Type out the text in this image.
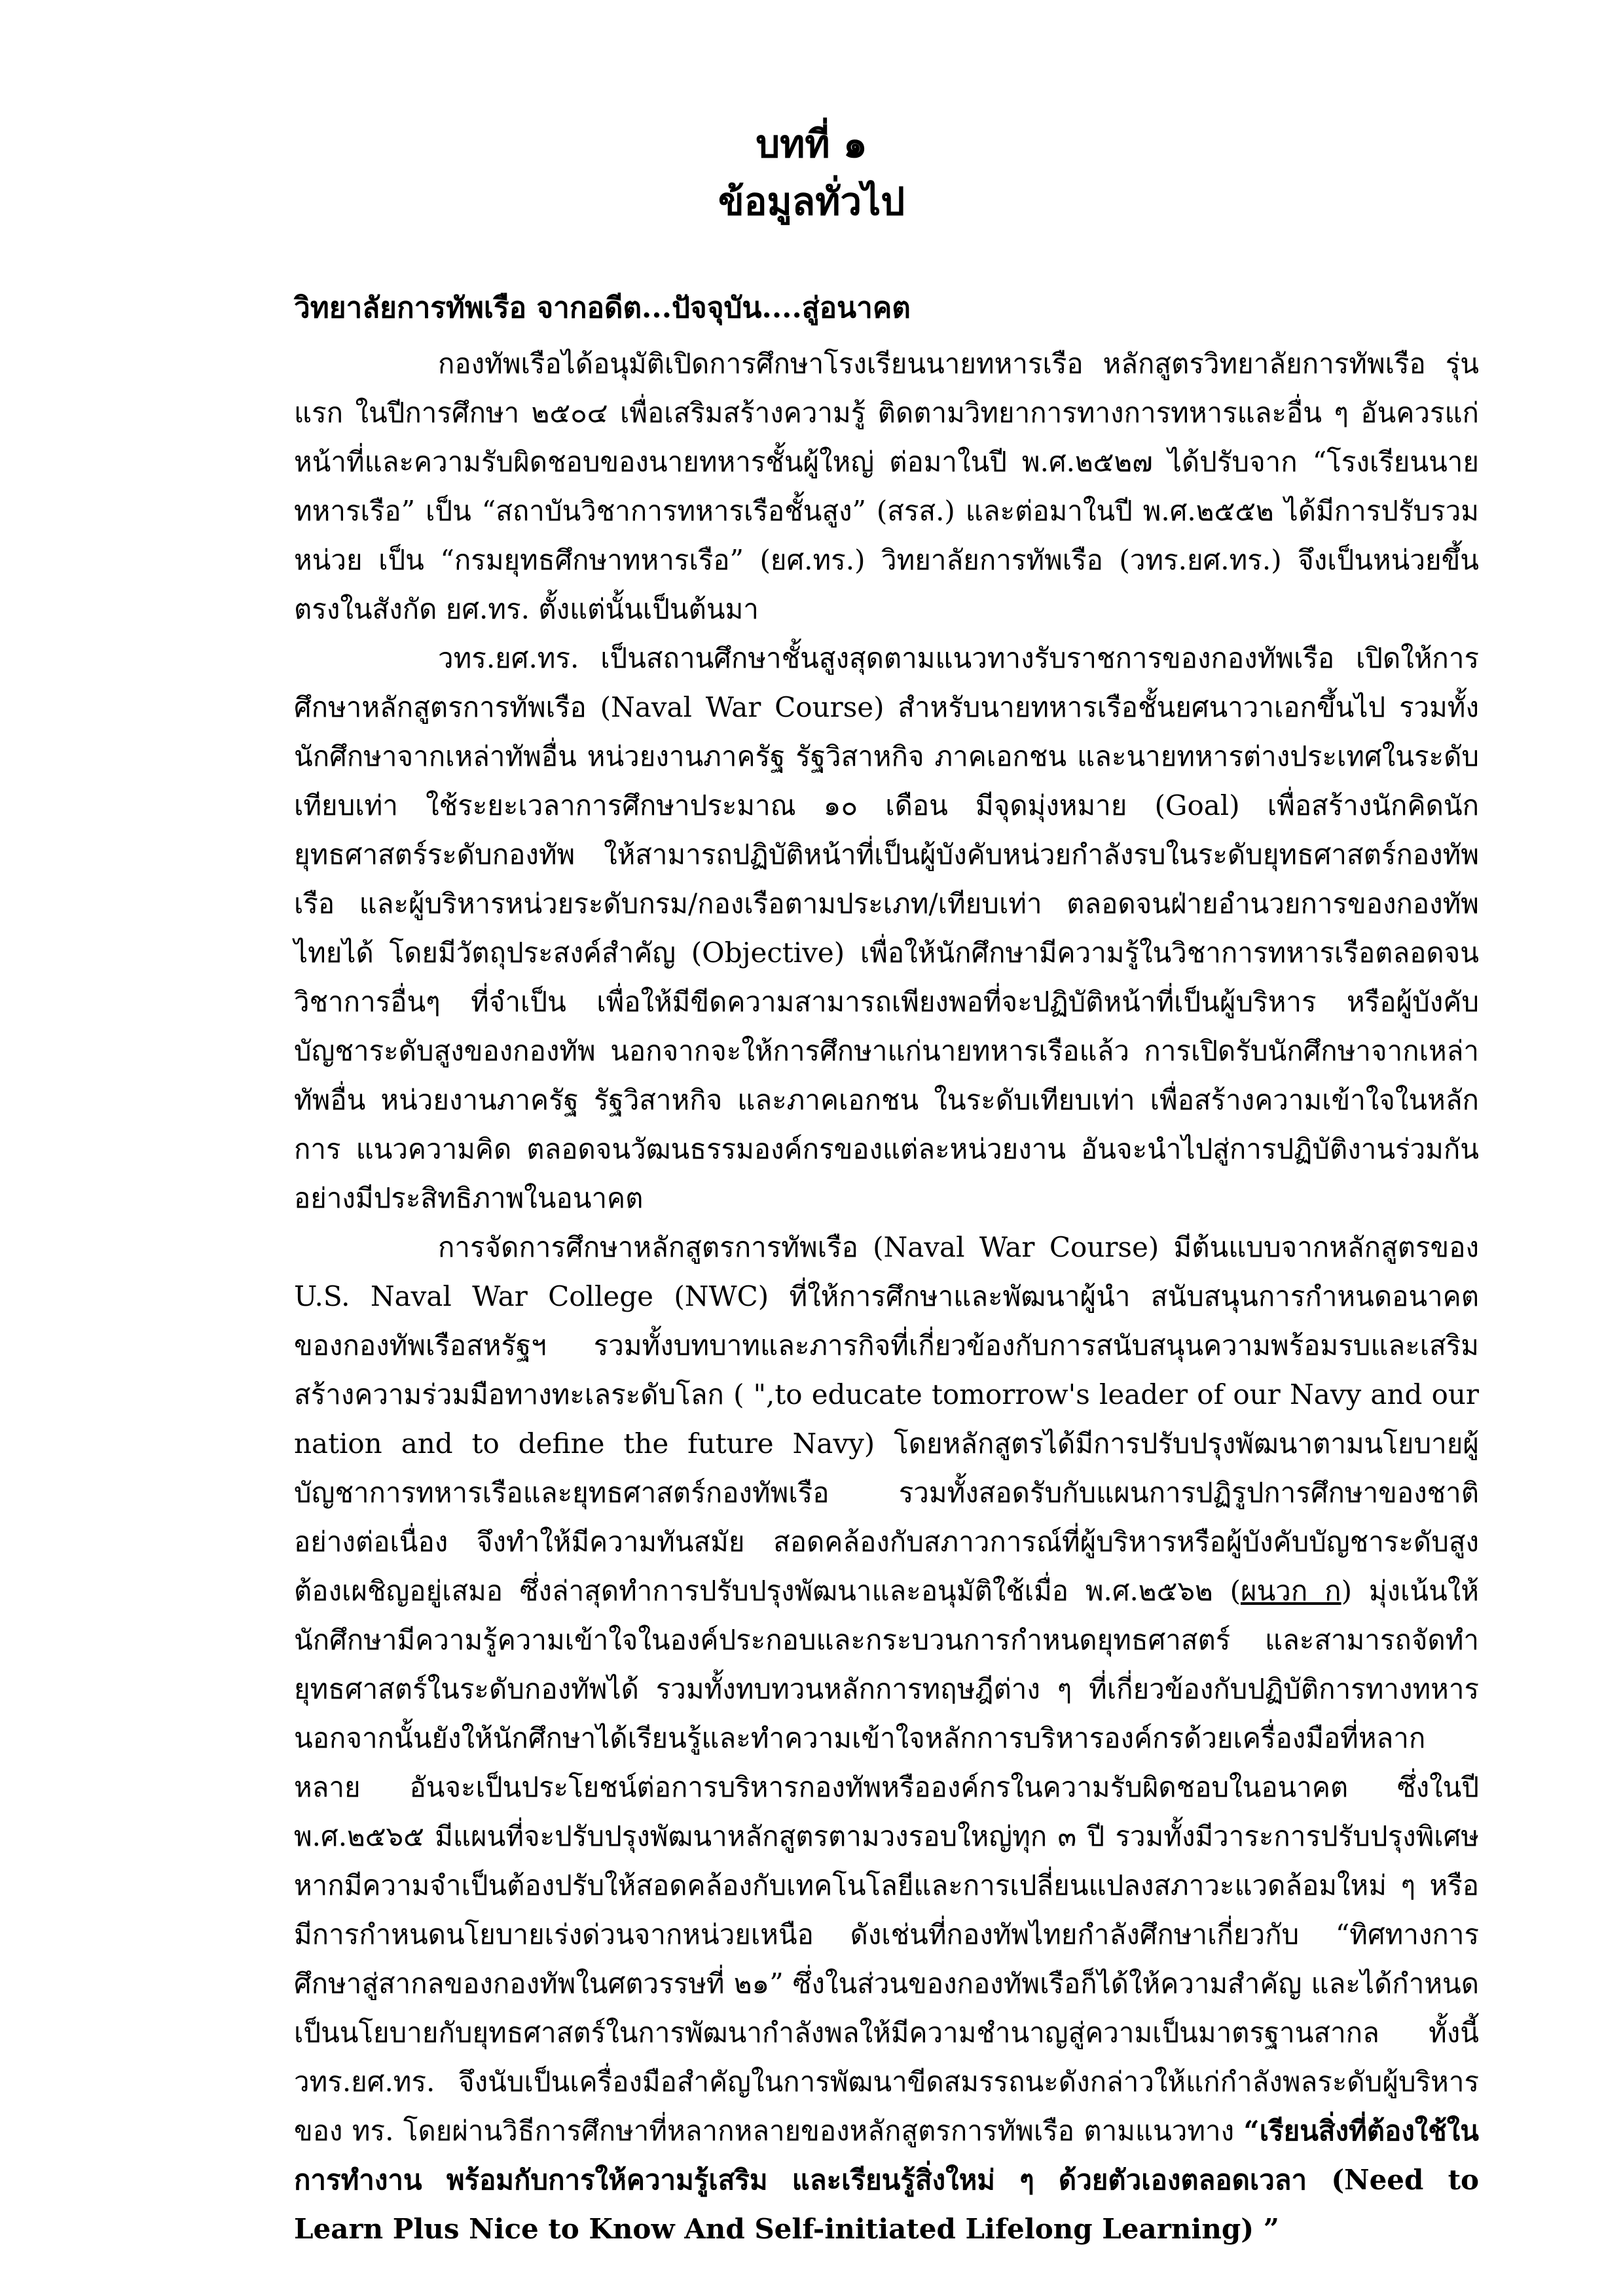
บทที่ ๑
ข้อมูลทั่วไป
วิทยาลัยการทัพเรือ จากอดีต...ปัจจุบัน....สู่อนาคต

กองทัพเรือได้อนุมัติเปิดการศึกษาโรงเรียนนายทหารเรือ หลักสูตรวิทยาลัยการทัพเรือ รุ่นแรก ในปีการศึกษา ๒๕๐๔ เพื่อเสริมสร้างความรู้ ติดตามวิทยาการทางการทหารและอื่น ๆ อันควรแก่หน้าที่และความรับผิดชอบของนายทหารชั้นผู้ใหญ่ ต่อมาในปี พ.ศ.๒๕๒๗ ได้ปรับจาก “โรงเรียนนายทหารเรือ” เป็น “สถาบันวิชาการทหารเรือชั้นสูง” (สรส.) และต่อมาในปี พ.ศ.๒๕๕๒ ได้มีการปรับรวมหน่วย เป็น “กรมยุทธศึกษาทหารเรือ” (ยศ.ทร.) วิทยาลัยการทัพเรือ (วทร.ยศ.ทร.) จึงเป็นหน่วยขึ้นตรงในสังกัด ยศ.ทร. ตั้งแต่นั้นเป็นต้นมา

วทร.ยศ.ทร. เป็นสถานศึกษาชั้นสูงสุดตามแนวทางรับราชการของกองทัพเรือ เปิดให้การศึกษาหลักสูตรการทัพเรือ (Naval War Course) สำหรับนายทหารเรือชั้นยศนาวาเอกขึ้นไป รวมทั้งนักศึกษาจากเหล่าทัพอื่น หน่วยงานภาครัฐ รัฐวิสาหกิจ ภาคเอกชน และนายทหารต่างประเทศในระดับเทียบเท่า ใช้ระยะเวลาการศึกษาประมาณ ๑๐ เดือน มีจุดมุ่งหมาย (Goal) เพื่อสร้างนักคิดนักยุทธศาสตร์ระดับกองทัพ ให้สามารถปฏิบัติหน้าที่เป็นผู้บังคับหน่วยกำลังรบในระดับยุทธศาสตร์กองทัพเรือ และผู้บริหารหน่วยระดับกรม/กองเรือตามประเภท/เทียบเท่า ตลอดจนฝ่ายอำนวยการของกองทัพไทยได้ โดยมีวัตถุประสงค์สำคัญ (Objective) เพื่อให้นักศึกษามีความรู้ในวิชาการทหารเรือตลอดจนวิชาการอื่นๆ ที่จำเป็น เพื่อให้มีขีดความสามารถเพียงพอที่จะปฏิบัติหน้าที่เป็นผู้บริหาร หรือผู้บังคับบัญชาระดับสูงของกองทัพ นอกจากจะให้การศึกษาแก่นายทหารเรือแล้ว การเปิดรับนักศึกษาจากเหล่าทัพอื่น หน่วยงานภาครัฐ รัฐวิสาหกิจ และภาคเอกชน ในระดับเทียบเท่า เพื่อสร้างความเข้าใจในหลักการ แนวความคิด ตลอดจนวัฒนธรรมองค์กรของแต่ละหน่วยงาน อันจะนำไปสู่การปฏิบัติงานร่วมกันอย่างมีประสิทธิภาพในอนาคต

การจัดการศึกษาหลักสูตรการทัพเรือ (Naval War Course) มีต้นแบบจากหลักสูตรของ U.S. Naval War College (NWC) ที่ให้การศึกษาและพัฒนาผู้นำ สนับสนุนการกำหนดอนาคตของกองทัพเรือสหรัฐฯ รวมทั้งบทบาทและภารกิจที่เกี่ยวข้องกับการสนับสนุนความพร้อมรบและเสริมสร้างความร่วมมือทางทะเลระดับโลก ( ",to educate tomorrow's leader of our Navy and our nation and to define the future Navy) โดยหลักสูตรได้มีการปรับปรุงพัฒนาตามนโยบายผู้บัญชาการทหารเรือและยุทธศาสตร์กองทัพเรือ รวมทั้งสอดรับกับแผนการปฏิรูปการศึกษาของชาติอย่างต่อเนื่อง จึงทำให้มีความทันสมัย สอดคล้องกับสภาวการณ์ที่ผู้บริหารหรือผู้บังคับบัญชาระดับสูงต้องเผชิญอยู่เสมอ ซึ่งล่าสุดทำการปรับปรุงพัฒนาและอนุมัติใช้เมื่อ พ.ศ.๒๕๖๒ (ผนวก ก) มุ่งเน้นให้นักศึกษามีความรู้ความเข้าใจในองค์ประกอบและกระบวนการกำหนดยุทธศาสตร์ และสามารถจัดทำยุทธศาสตร์ในระดับกองทัพได้ รวมทั้งทบทวนหลักการทฤษฎีต่าง ๆ ที่เกี่ยวข้องกับปฏิบัติการทางทหาร นอกจากนั้นยังให้นักศึกษาได้เรียนรู้และทำความเข้าใจหลักการบริหารองค์กรด้วยเครื่องมือที่หลากหลาย อันจะเป็นประโยชน์ต่อการบริหารกองทัพหรือองค์กรในความรับผิดชอบในอนาคต ซึ่งในปี พ.ศ.๒๕๖๕ มีแผนที่จะปรับปรุงพัฒนาหลักสูตรตามวงรอบใหญ่ทุก ๓ ปี รวมทั้งมีวาระการปรับปรุงพิเศษ หากมีความจำเป็นต้องปรับให้สอดคล้องกับเทคโนโลยีและการเปลี่ยนแปลงสภาวะแวดล้อมใหม่ ๆ หรือ มีการกำหนดนโยบายเร่งด่วนจากหน่วยเหนือ ดังเช่นที่กองทัพไทยกำลังศึกษาเกี่ยวกับ “ทิศทางการศึกษาสู่สากลของกองทัพในศตวรรษที่ ๒๑” ซึ่งในส่วนของกองทัพเรือก็ได้ให้ความสำคัญ และได้กำหนดเป็นนโยบายกับยุทธศาสตร์ในการพัฒนากำลังพลให้มีความชำนาญสู่ความเป็นมาตรฐานสากล ทั้งนี้ วทร.ยศ.ทร. จึงนับเป็นเครื่องมือสำคัญในการพัฒนาขีดสมรรถนะดังกล่าวให้แก่กำลังพลระดับผู้บริหารของ ทร. โดยผ่านวิธีการศึกษาที่หลากหลายของหลักสูตรการทัพเรือ ตามแนวทาง “เรียนสิ่งที่ต้องใช้ในการทำงาน พร้อมกับการให้ความรู้เสริม และเรียนรู้สิ่งใหม่ ๆ ด้วยตัวเองตลอดเวลา (Need to Learn Plus Nice to Know And Self-initiated Lifelong Learning) ”
